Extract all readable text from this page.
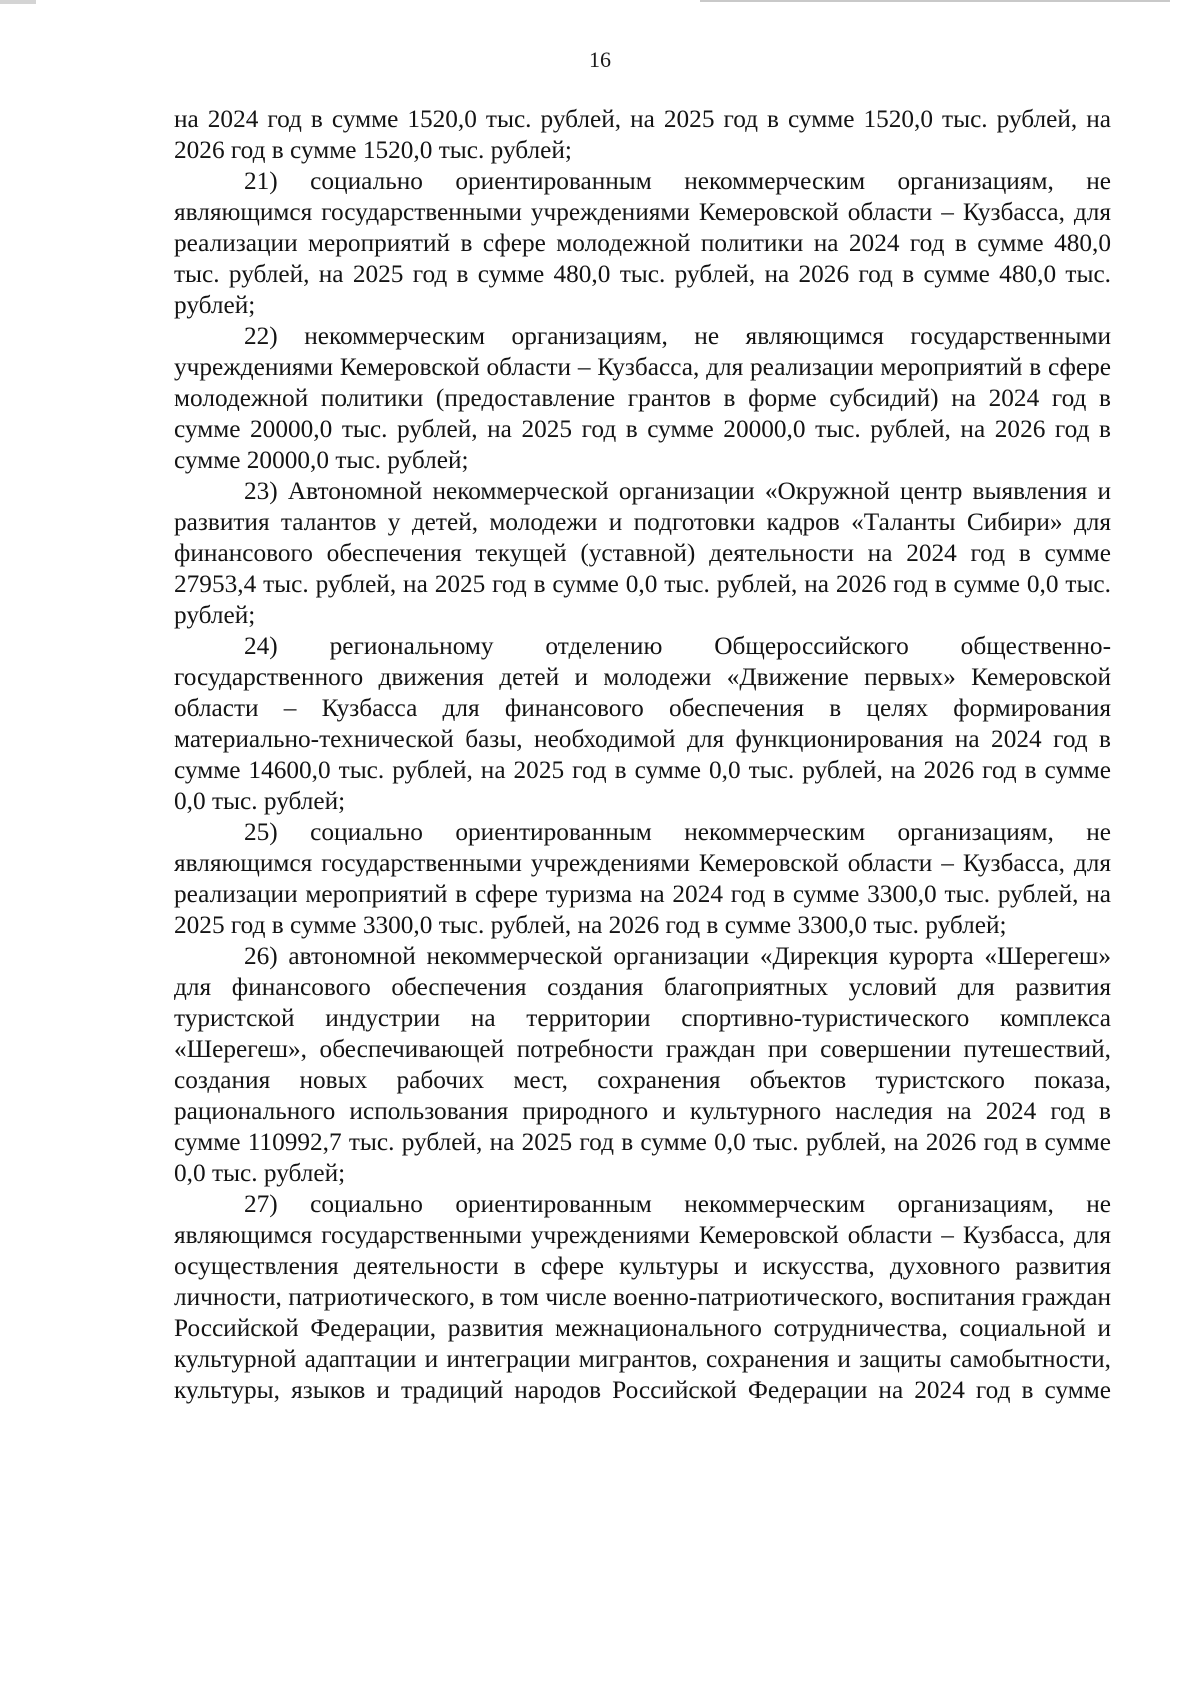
16

на 2024 год в сумме 1520,0 тыс. рублей, на 2025 год в сумме 1520,0 тыс. рублей, на 2026 год в сумме 1520,0 тыс. рублей;

21) социально ориентированным некоммерческим организациям, не являющимся государственными учреждениями Кемеровской области – Кузбасса, для реализации мероприятий в сфере молодежной политики на 2024 год в сумме 480,0 тыс. рублей, на 2025 год в сумме 480,0 тыс. рублей, на 2026 год в сумме 480,0 тыс. рублей;

22) некоммерческим организациям, не являющимся государственными учреждениями Кемеровской области – Кузбасса, для реализации мероприятий в сфере молодежной политики (предоставление грантов в форме субсидий) на 2024 год в сумме 20000,0 тыс. рублей, на 2025 год в сумме 20000,0 тыс. рублей, на 2026 год в сумме 20000,0 тыс. рублей;

23) Автономной некоммерческой организации «Окружной центр выявления и развития талантов у детей, молодежи и подготовки кадров «Таланты Сибири» для финансового обеспечения текущей (уставной) деятельности на 2024 год в сумме 27953,4 тыс. рублей, на 2025 год в сумме 0,0 тыс. рублей, на 2026 год в сумме 0,0 тыс. рублей;

24) региональному отделению Общероссийского общественно-государственного движения детей и молодежи «Движение первых» Кемеровской области – Кузбасса для финансового обеспечения в целях формирования материально-технической базы, необходимой для функционирования на 2024 год в сумме 14600,0 тыс. рублей, на 2025 год в сумме 0,0 тыс. рублей, на 2026 год в сумме 0,0 тыс. рублей;

25) социально ориентированным некоммерческим организациям, не являющимся государственными учреждениями Кемеровской области – Кузбасса, для реализации мероприятий в сфере туризма на 2024 год в сумме 3300,0 тыс. рублей, на 2025 год в сумме 3300,0 тыс. рублей, на 2026 год в сумме 3300,0 тыс. рублей;

26) автономной некоммерческой организации «Дирекция курорта «Шерегеш» для финансового обеспечения создания благоприятных условий для развития туристской индустрии на территории спортивно-туристического комплекса «Шерегеш», обеспечивающей потребности граждан при совершении путешествий, создания новых рабочих мест, сохранения объектов туристского показа, рационального использования природного и культурного наследия на 2024 год в сумме 110992,7 тыс. рублей, на 2025 год в сумме 0,0 тыс. рублей, на 2026 год в сумме 0,0 тыс. рублей;

27) социально ориентированным некоммерческим организациям, не являющимся государственными учреждениями Кемеровской области – Кузбасса, для осуществления деятельности в сфере культуры и искусства, духовного развития личности, патриотического, в том числе военно-патриотического, воспитания граждан Российской Федерации, развития межнационального сотрудничества, социальной и культурной адаптации и интеграции мигрантов, сохранения и защиты самобытности, культуры, языков и традиций народов Российской Федерации на 2024 год в сумме
